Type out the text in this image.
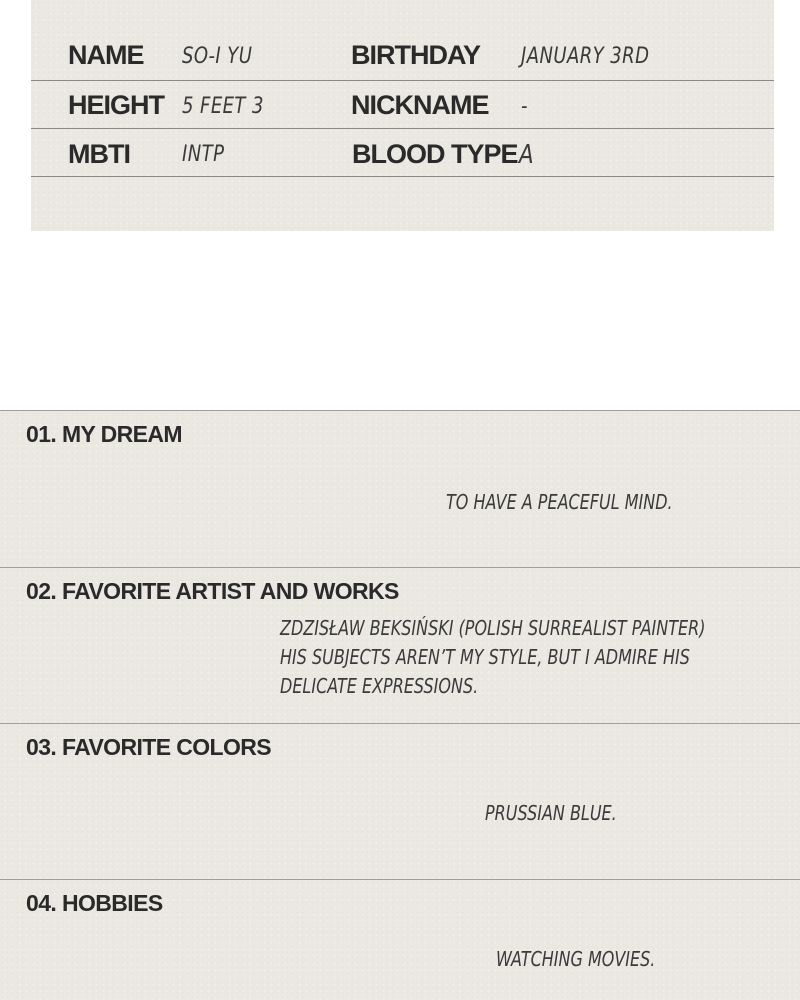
NAME SO-I YU	BIRTHDAY JANUARY 3RD
HEIGHT 5 FEET 3	NICKNAME -
MBTI INTP	BLOOD TYPE A
01. MY DREAM
TO HAVE A PEACEFUL MIND.
02. FAVORITE ARTIST AND WORKS
ZDZISŁAW BEKSIŃSKI (POLISH SURREALIST PAINTER)
HIS SUBJECTS AREN’T MY STYLE, BUT I ADMIRE HIS
DELICATE EXPRESSIONS.
03. FAVORITE COLORS
PRUSSIAN BLUE.
04. HOBBIES
WATCHING MOVIES.
